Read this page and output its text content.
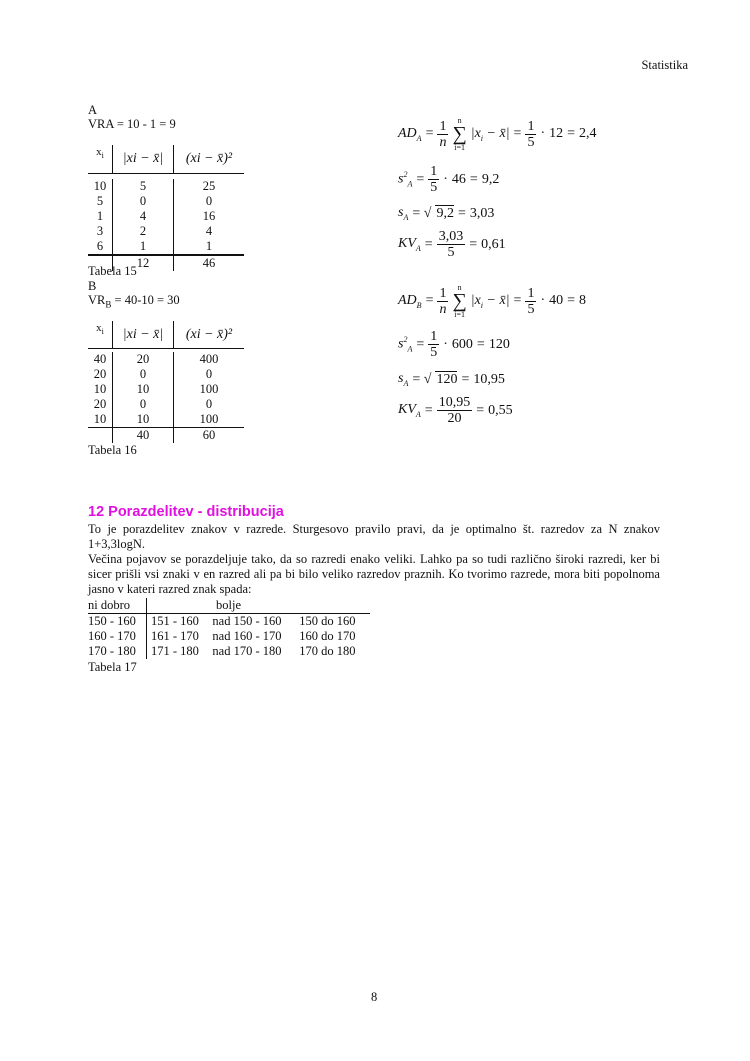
Statistika
A
VRA = 10 - 1 = 9
$x_i$	|xi − x̄|	(xi − x̄)²

10	5	25
5	0	0
1	4	16
3	2	4
6	1	1
	12	46
Tabela 15
B
$VR_B = 40-10 = 30$
$x_i$	|xi − x̄|	(xi − x̄)²

40	20	400
20	0	0
10	10	100
20	0	0
10	10	100
	40	60
Tabela 16
$AD_A = \frac{1}{n}$	n
∑
i=1
$|x_i$ − x̄| = $\frac{1}{5} \cdot 12 = 2,4$
$s^2_A = \frac{1}{5} \cdot 46 = 9,2$
$s_A$ = √ 9,2 = 3,03
$KV_A = \frac{3,03}{5} = 0,61$
$AD_B = \frac{1}{n}$	n
∑
i=1
$|x_i$ − x̄| = $\frac{1}{5} \cdot 40 = 8$
$s^2_A = \frac{1}{5} \cdot 600 = 120$
$s_A$ = √ 120 = 10,95
$KV_A = \frac{10,95}{20} = 0,55$
12 Porazdelitev - distribucija
To je porazdelitev znakov v razrede. Sturgesovo pravilo pravi, da je optimalno št. razredov za N znakov 1+3,3logN.
Večina pojavov se porazdeljuje tako, da so razredi enako veliki. Lahko pa so tudi različno široki razredi, ker bi sicer prišli vsi znaki v en razred ali pa bi bilo veliko razredov praznih. Ko tvorimo razrede, mora biti popolnoma jasno v kateri razred znak spada:
ni dobro	bolje		
150 - 160	151 - 160	nad 150 - 160	150 do 160
160 - 170	161 - 170	nad 160 - 170	160 do 170
170 - 180	171 - 180	nad 170 - 180	170 do 180
Tabela 17
8
